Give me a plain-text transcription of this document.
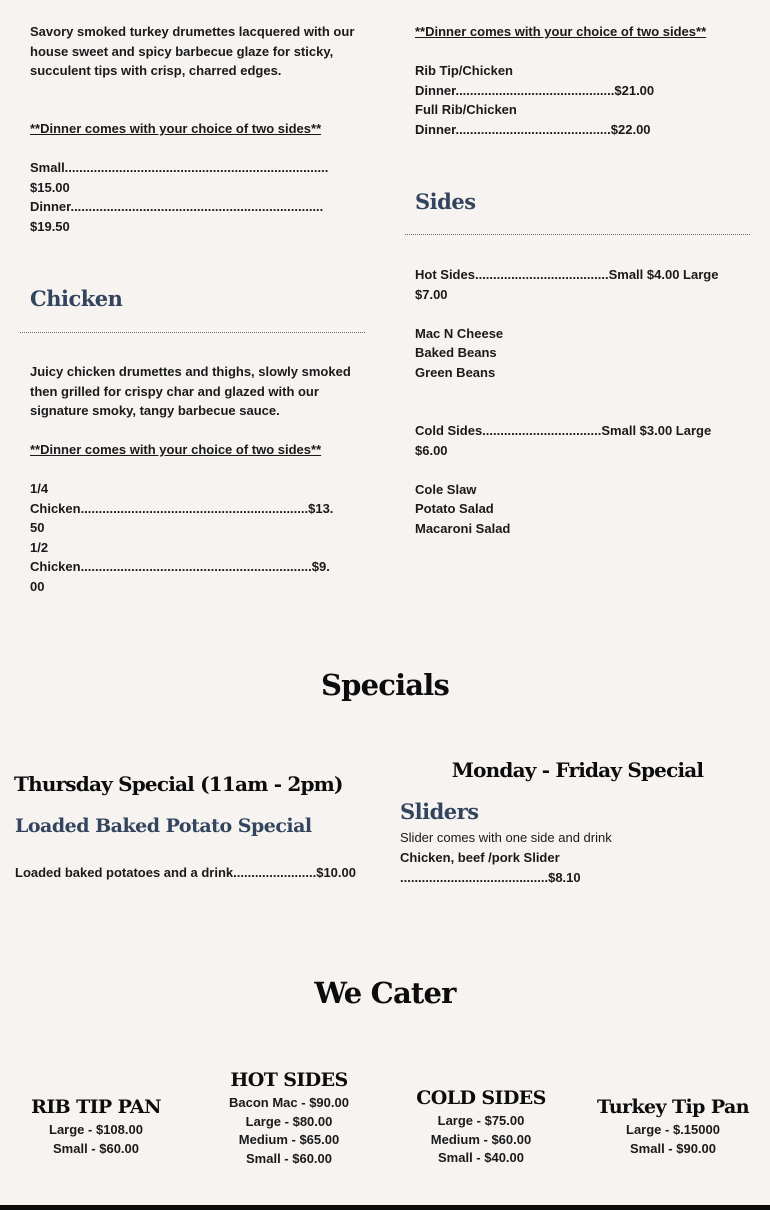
Savory smoked turkey drumettes lacquered with our house sweet and spicy barbecue glaze for sticky, succulent tips with crisp, charred edges.
**Dinner comes with your choice of two sides**
Small.........................................................................
$15.00
Dinner......................................................................
$19.50
Chicken
Juicy chicken drumettes and thighs, slowly smoked then grilled for crispy char and glazed with our signature smoky, tangy barbecue sauce.
**Dinner comes with your choice of two sides**
1/4
Chicken...............................................................$13.
50
1/2
Chicken................................................................$9.
00
**Dinner comes with your choice of two sides**
Rib Tip/Chicken
Dinner............................................$21.00
Full Rib/Chicken
Dinner...........................................$22.00
Sides
Hot Sides.....................................Small $4.00 Large
$7.00
Mac N Cheese
Baked Beans
Green Beans
Cold Sides.................................Small $3.00 Large
$6.00
Cole Slaw
Potato Salad
Macaroni Salad
Specials
Thursday Special (11am - 2pm)
Loaded Baked Potato Special
Loaded baked potatoes and a drink.......................$10.00
Monday - Friday Special
Sliders
Slider comes with one side and drink
Chicken, beef /pork Slider
.........................................$8.10
We Cater
RIB TIP PAN
Large - $108.00
Small - $60.00
HOT SIDES
Bacon Mac - $90.00
Large - $80.00
Medium - $65.00
Small - $60.00
COLD SIDES
Large - $75.00
Medium - $60.00
Small - $40.00
Turkey Tip Pan
Large - $.15000
Small - $90.00
